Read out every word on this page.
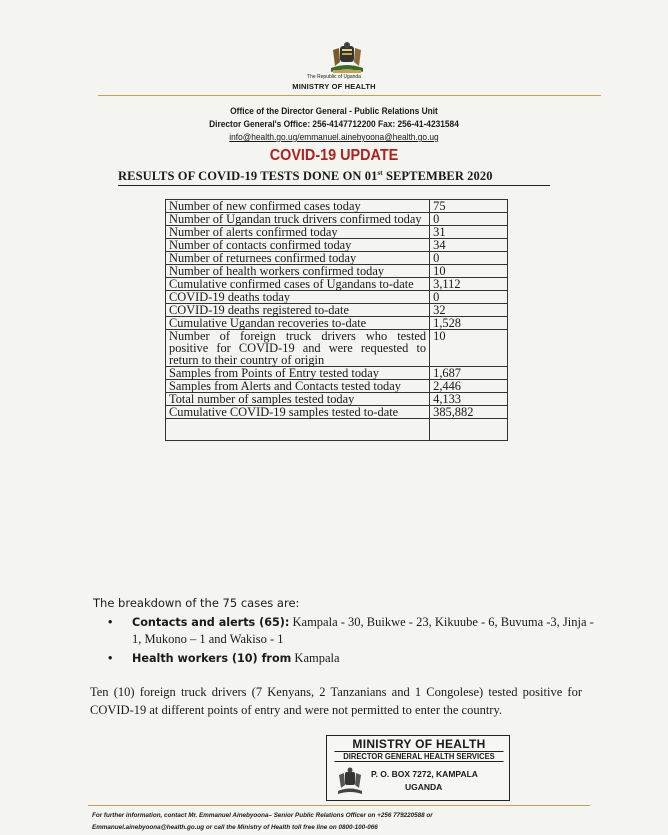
The Republic of Uganda
MINISTRY OF HEALTH
Office of the Director General - Public Relations Unit
Director General's Office: 256-4147712200 Fax: 256-41-4231584
info@health.go.ug/emmanuel.ainebyoona@health.go.ug
COVID-19 UPDATE
RESULTS OF COVID-19 TESTS DONE ON 01st SEPTEMBER 2020
Number of new confirmed cases today	75
Number of Ugandan truck drivers confirmed today	0
Number of alerts confirmed today	31
Number of contacts confirmed today	34
Number of returnees confirmed today	0
Number of health workers confirmed today	10
Cumulative confirmed cases of Ugandans to-date	3,112
COVID-19 deaths today	0
COVID-19 deaths registered to-date	32
Cumulative Ugandan recoveries to-date	1,528
Number of foreign truck drivers who tested positive for COVID-19 and were requested to return to their country of origin	10
Samples from Points of Entry tested today	1,687
Samples from Alerts and Contacts tested today	2,446
Total number of samples tested today	4,133
Cumulative COVID-19 samples tested to-date	385,882

The breakdown of the 75 cases are:
• Contacts and alerts (65): Kampala - 30, Buikwe - 23, Kikuube - 6, Buvuma -3, Jinja - 1, Mukono – 1 and Wakiso - 1
• Health workers (10) from Kampala
Ten (10) foreign truck drivers (7 Kenyans, 2 Tanzanians and 1 Congolese) tested positive for COVID-19 at different points of entry and were not permitted to enter the country.
MINISTRY OF HEALTH
DIRECTOR GENERAL HEALTH SERVICES
P. O. BOX 7272, KAMPALA
UGANDA
For further information, contact Mr. Emmanuel Ainebyoona– Senior Public Relations Officer on +256 779220588 or
Emmanuel.ainebyoona@health.go.ug or call the Ministry of Health toll free line on 0800-100-066
